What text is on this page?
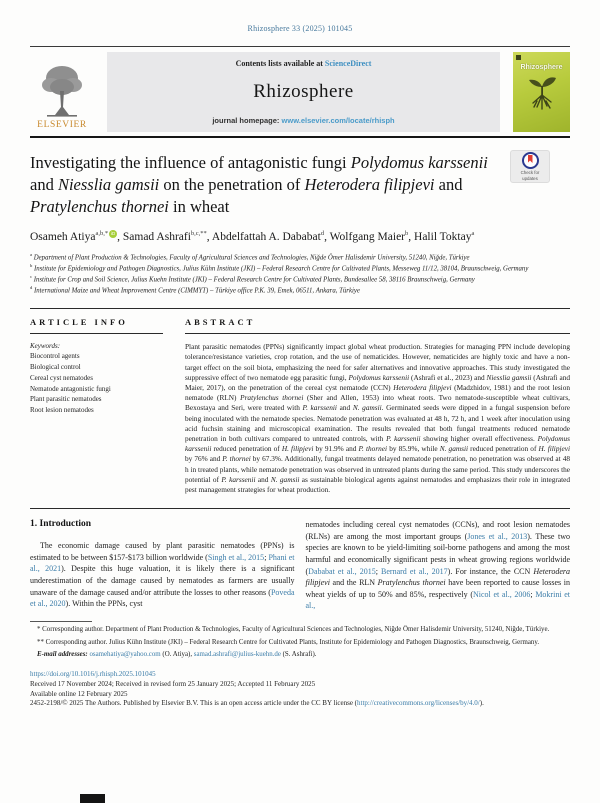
Rhizosphere 33 (2025) 101045
ELSEVIER
Contents lists available at ScienceDirect
Rhizosphere
journal homepage: www.elsevier.com/locate/rhisph
Rhizosphere
Investigating the influence of antagonistic fungi Polydomus karssenii and Niesslia gamsii on the penetration of Heterodera filipjevi and Pratylenchus thornei in wheat
Check for
updates
Osameh Atiya$^{a,b,*}$ iD , Samad Ashrafi$^{b,c,**}$, Abdelfattah A. Dababat$^d$, Wolfgang Maier$^b$, Halil Toktay$^a$
$^a$ Department of Plant Production & Technologies, Faculty of Agricultural Sciences and Technologies, Niğde Ömer Halisdemir University, 51240, Niğde, Türkiye
$^b$ Institute for Epidemiology and Pathogen Diagnostics, Julius Kühn Institute (JKI) – Federal Research Centre for Cultivated Plants, Messeweg 11/12, 38104, Braunschweig, Germany
$^c$ Institute for Crop and Soil Science, Julius Kuehn Institute (JKI) – Federal Research Centre for Cultivated Plants, Bundesallee 58, 38116 Braunschweig, Germany
$^d$ International Maize and Wheat Improvement Centre (CIMMYT) – Türkiye office P.K. 39, Emek, 06511, Ankara, Türkiye
ARTICLE INFO
Keywords:
Biocontrol agents
Biological control
Cereal cyst nematodes
Nematode antagonistic fungi
Plant parasitic nematodes
Root lesion nematodes
ABSTRACT

Plant parasitic nematodes (PPNs) significantly impact global wheat production. Strategies for managing PPN include developing tolerance/resistance varieties, crop rotation, and the use of nematicides. However, nematicides are highly toxic and have a non-target effect on the soil biota, emphasizing the need for safer alternatives and innovative approaches. This study investigated the suppressive effect of two nematode egg parasitic fungi, Polydomus karssenii (Ashrafi et al., 2023) and Niesslia gamsii (Ashrafi and Maier, 2017), on the penetration of the cereal cyst nematode (CCN) Heterodera filipjevi (Madzhidov, 1981) and the root lesion nematode (RLN) Pratylenchus thornei (Sher and Allen, 1953) into wheat roots. Two nematode-susceptible wheat cultivars, Bexostaya and Seri, were treated with P. karssenii and N. gamsii. Germinated seeds were dipped in a fungal suspension before being inoculated with the nematode species. Nematode penetration was evaluated at 48 h, 72 h, and 1 week after inoculation using acid fuchsin staining and microscopical examination. The results revealed that both fungal treatments reduced nematode penetration in both cultivars compared to untreated controls, with P. karssenii showing higher overall effectiveness. Polydomus karssenii reduced penetration of H. filipjevi by 91.9% and P. thornei by 85.9%, while N. gamsii reduced penetration of H. filipjevi by 76% and P. thornei by 67.3%. Additionally, fungal treatments delayed nematode penetration, no penetration was observed at 48 h in treated plants, while nematode penetration was observed in untreated plants during the same period. This study underscores the potential of P. karssenii and N. gamsii as sustainable biological agents against nematodes and emphasizes their role in integrated pest management strategies for wheat production.

1. Introduction

The economic damage caused by plant parasitic nematodes (PPNs) is estimated to be between $157-$173 billion worldwide (Singh et al., 2015; Phani et al., 2021). Despite this huge valuation, it is likely there is a significant underestimation of the damage caused by nematodes as farmers are usually unaware of the damage caused and/or attribute the losses to other reasons (Poveda et al., 2020). Within the PPNs, cyst

nematodes including cereal cyst nematodes (CCNs), and root lesion nematodes (RLNs) are among the most important groups (Jones et al., 2013). These two species are known to be yield-limiting soil-borne pathogens and among the most harmful and economically significant pests in wheat growing regions worldwide (Dababat et al., 2015; Bernard et al., 2017). For instance, the CCN Heterodera filipjevi and the RLN Pratylenchus thornei have been reported to cause losses in wheat yields of up to 50% and 85%, respectively (Nicol et al., 2006; Mokrini et al.,

* Corresponding author. Department of Plant Production & Technologies, Faculty of Agricultural Sciences and Technologies, Niğde Ömer Halisdemir University, 51240, Niğde, Türkiye.
** Corresponding author. Julius Kühn Institute (JKI) – Federal Research Centre for Cultivated Plants, Institute for Epidemiology and Pathogen Diagnostics, Braunschweig, Germany.
E-mail addresses: osamehatiya@yahoo.com (O. Atiya), samad.ashrafi@julius-kuehn.de (S. Ashrafi).
https://doi.org/10.1016/j.rhisph.2025.101045
Received 17 November 2024; Received in revised form 25 January 2025; Accepted 11 February 2025
Available online 12 February 2025
2452-2198/© 2025 The Authors. Published by Elsevier B.V. This is an open access article under the CC BY license (http://creativecommons.org/licenses/by/4.0/).
